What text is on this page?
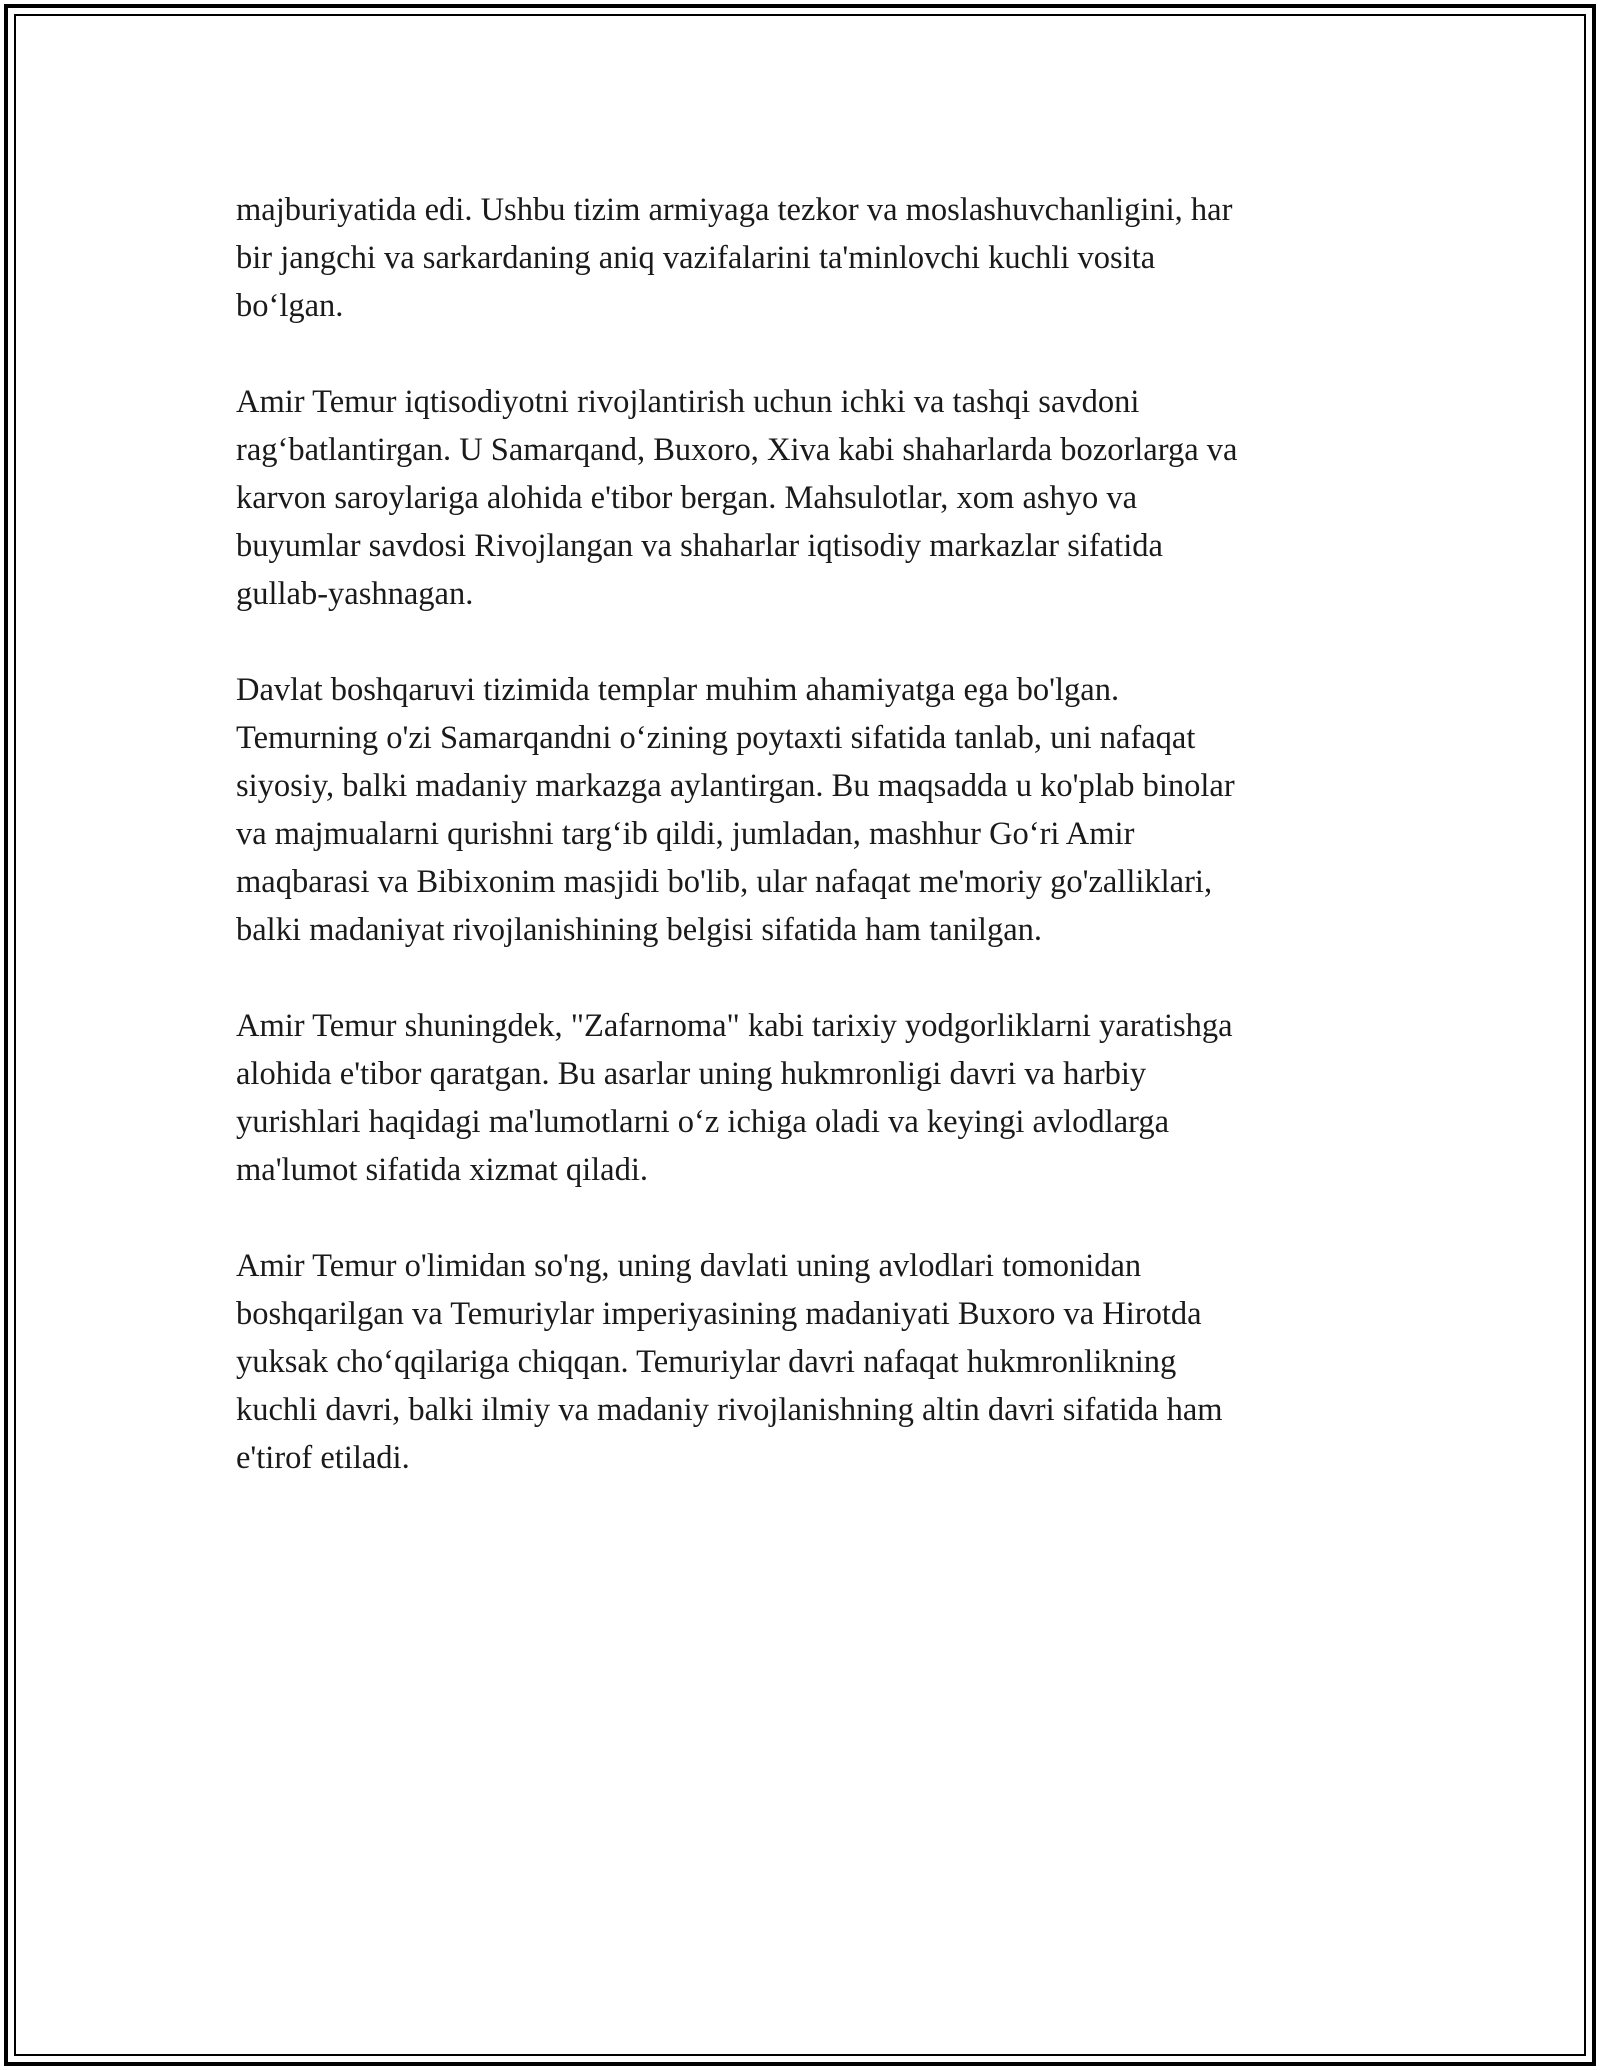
majburiyatida edi. Ushbu tizim armiyaga tezkor va moslashuvchanligini, har
bir jangchi va sarkardaning aniq vazifalarini ta'minlovchi kuchli vosita
bo‘lgan.

Amir Temur iqtisodiyotni rivojlantirish uchun ichki va tashqi savdoni
rag‘batlantirgan. U Samarqand, Buxoro, Xiva kabi shaharlarda bozorlarga va
karvon saroylariga alohida e'tibor bergan. Mahsulotlar, xom ashyo va
buyumlar savdosi Rivojlangan va shaharlar iqtisodiy markazlar sifatida
gullab-yashnagan.

Davlat boshqaruvi tizimida templar muhim ahamiyatga ega bo'lgan.
Temurning o'zi Samarqandni o‘zining poytaxti sifatida tanlab, uni nafaqat
siyosiy, balki madaniy markazga aylantirgan. Bu maqsadda u ko'plab binolar
va majmualarni qurishni targ‘ib qildi, jumladan, mashhur Go‘ri Amir
maqbarasi va Bibixonim masjidi bo'lib, ular nafaqat me'moriy go'zalliklari,
balki madaniyat rivojlanishining belgisi sifatida ham tanilgan.

Amir Temur shuningdek, "Zafarnoma" kabi tarixiy yodgorliklarni yaratishga
alohida e'tibor qaratgan. Bu asarlar uning hukmronligi davri va harbiy
yurishlari haqidagi ma'lumotlarni o‘z ichiga oladi va keyingi avlodlarga
ma'lumot sifatida xizmat qiladi.

Amir Temur o'limidan so'ng, uning davlati uning avlodlari tomonidan
boshqarilgan va Temuriylar imperiyasining madaniyati Buxoro va Hirotda
yuksak cho‘qqilariga chiqqan. Temuriylar davri nafaqat hukmronlikning
kuchli davri, balki ilmiy va madaniy rivojlanishning altin davri sifatida ham
e'tirof etiladi.
